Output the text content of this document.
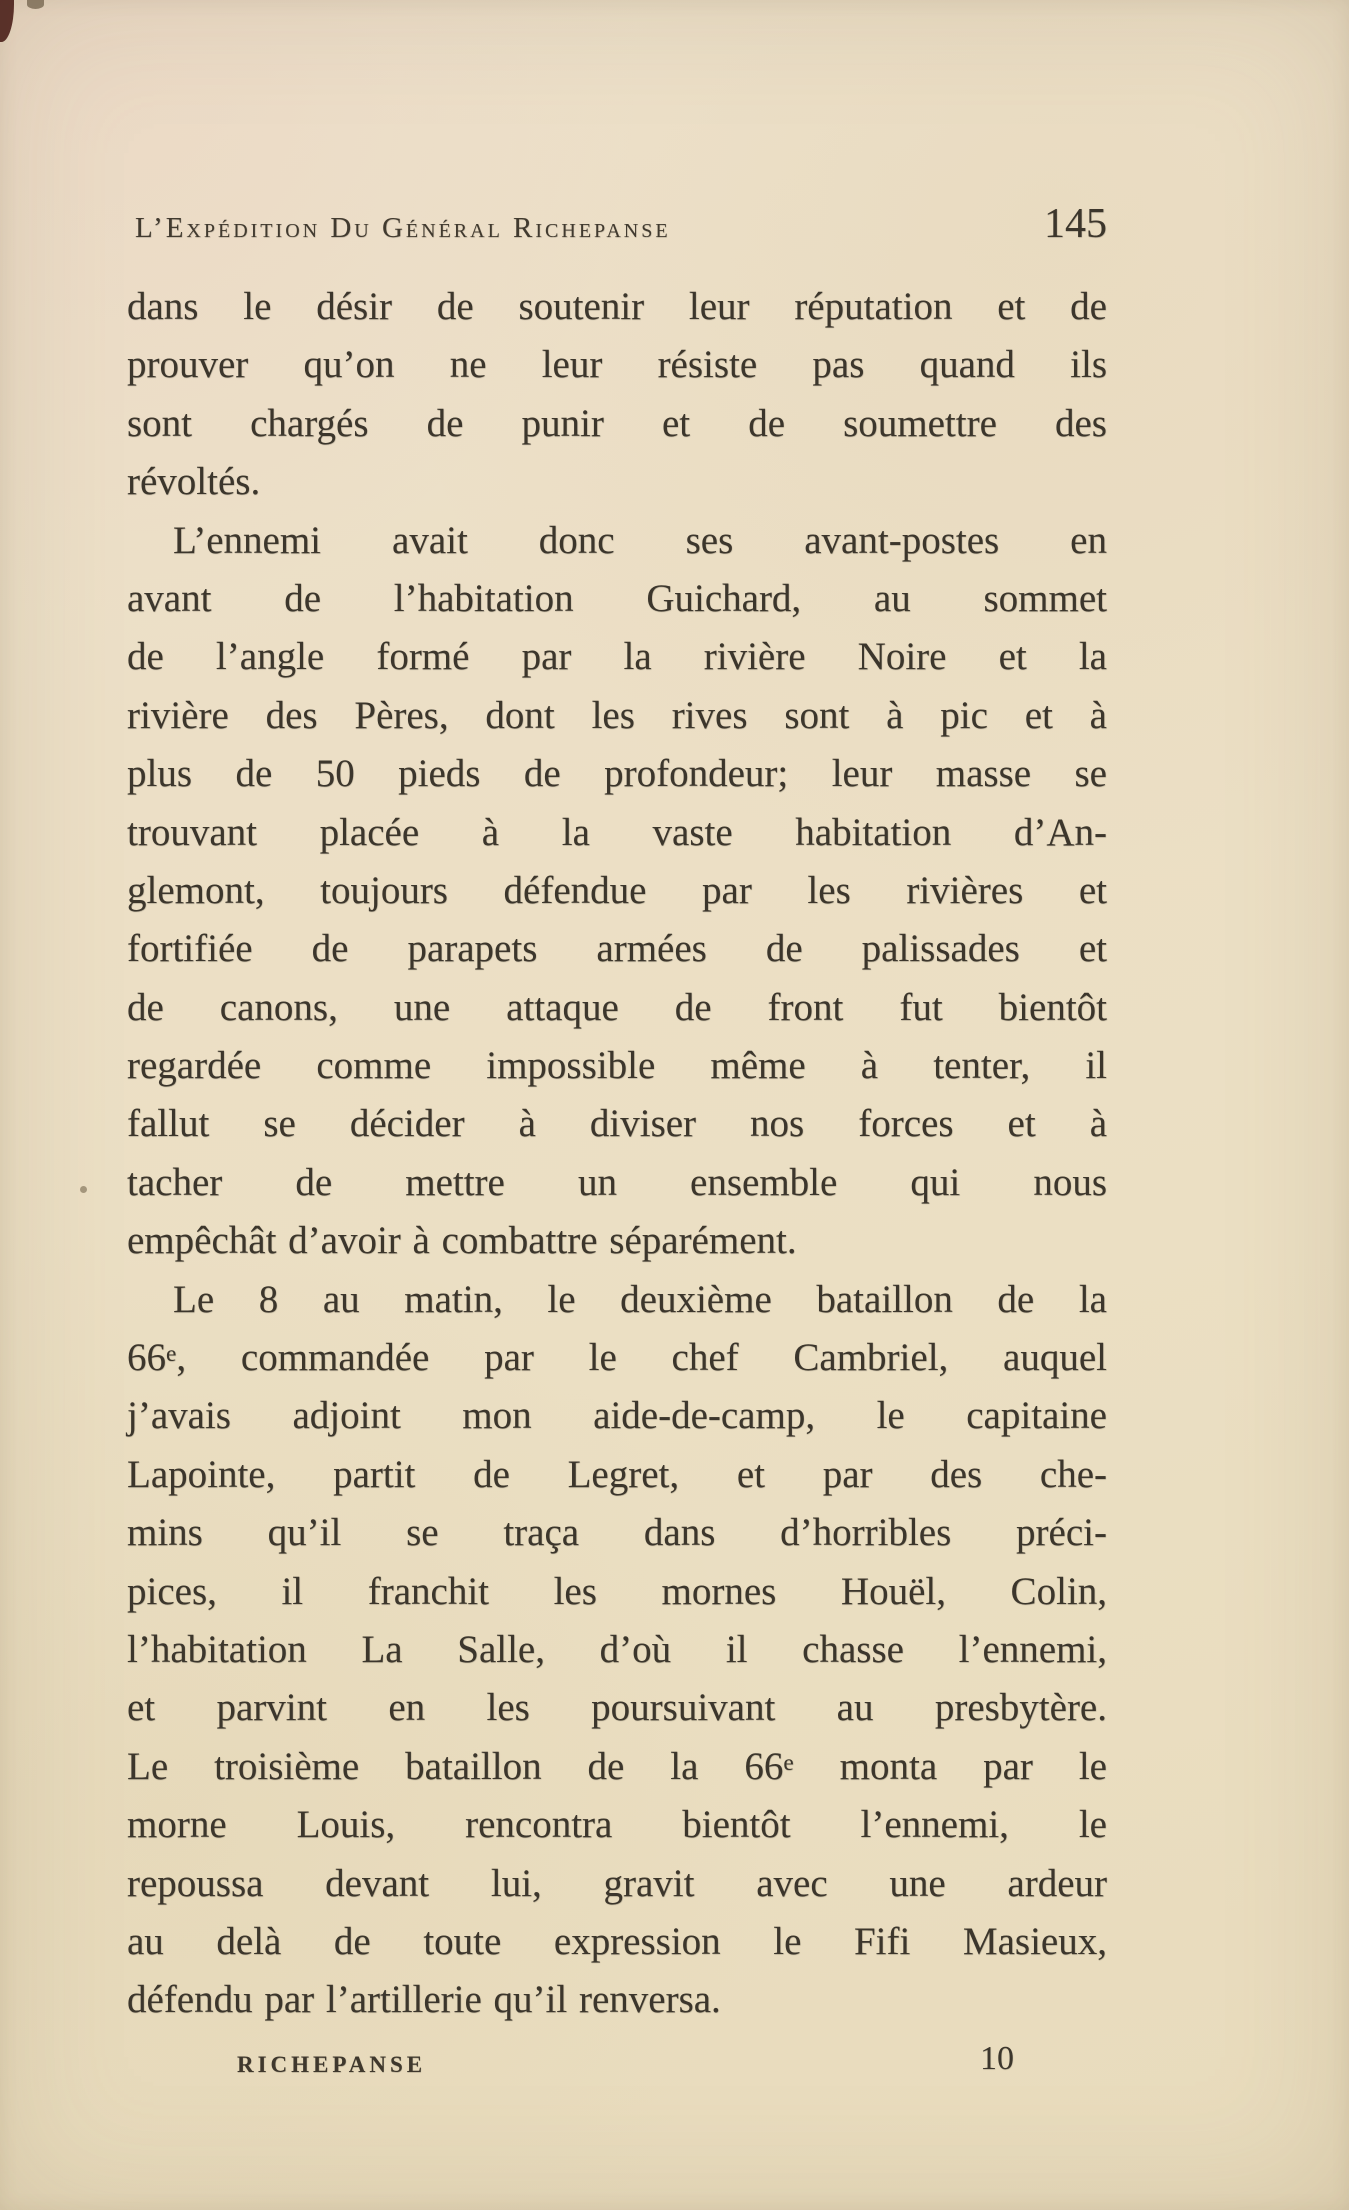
L’Expédition Du Général Richepanse	145
dans le désir de soutenir leur réputation et de
prouver qu’on ne leur résiste pas quand ils
sont chargés de punir et de soumettre des
révoltés.
L’ennemi avait donc ses avant-postes en
avant de l’habitation Guichard, au sommet
de l’angle formé par la rivière Noire et la
rivière des Pères, dont les rives sont à pic et à
plus de 50 pieds de profondeur; leur masse se
trouvant placée à la vaste habitation d’An-
glemont, toujours défendue par les rivières et
fortifiée de parapets armées de palissades et
de canons, une attaque de front fut bientôt
regardée comme impossible même à tenter, il
fallut se décider à diviser nos forces et à
tacher de mettre un ensemble qui nous
empêchât d’avoir à combattre séparément.
Le 8 au matin, le deuxième bataillon de la
66e, commandée par le chef Cambriel, auquel
j’avais adjoint mon aide-de-camp, le capitaine
Lapointe, partit de Legret, et par des che-
mins qu’il se traça dans d’horribles préci-
pices, il franchit les mornes Houël, Colin,
l’habitation La Salle, d’où il chasse l’ennemi,
et parvint en les poursuivant au presbytère.
Le troisième bataillon de la 66e monta par le
morne Louis, rencontra bientôt l’ennemi, le
repoussa devant lui, gravit avec une ardeur
au delà de toute expression le Fifi Masieux,
défendu par l’artillerie qu’il renversa.
RICHEPANSE	10
